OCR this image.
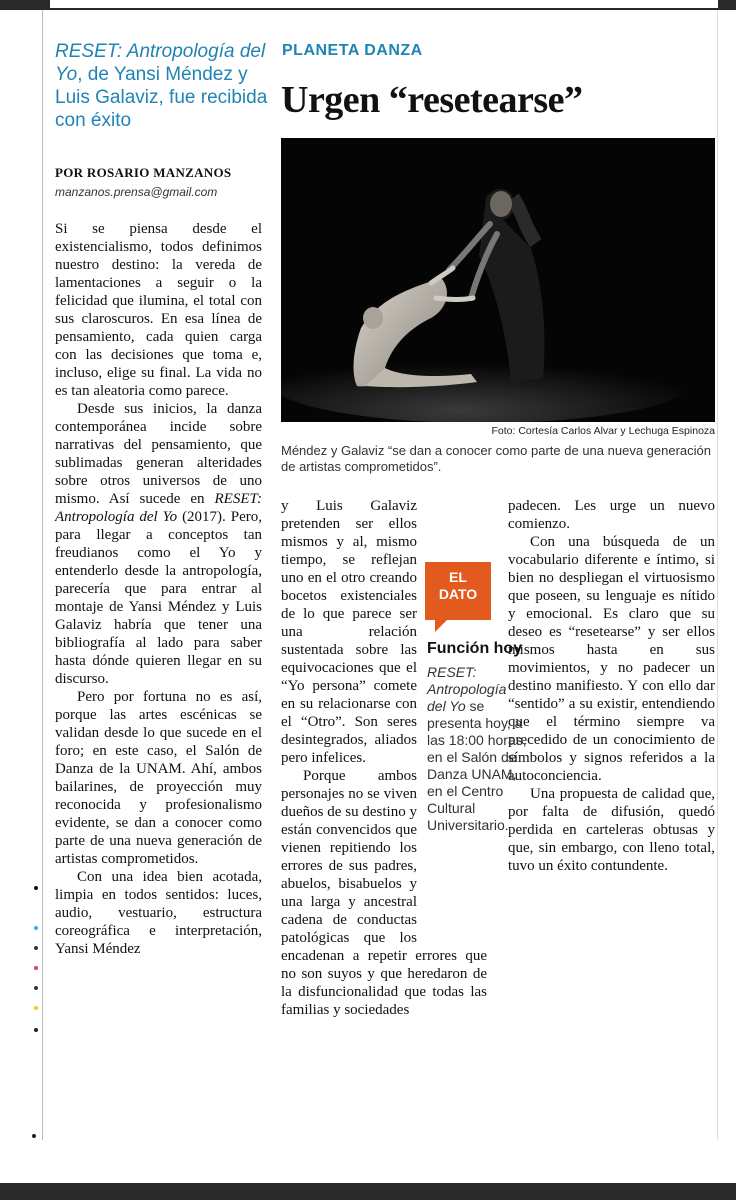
RESET: Antropología del Yo, de Yansi Méndez y Luis Galaviz, fue recibida con éxito
PLANETA DANZA
Urgen “resetearse”
POR ROSARIO MANZANOS
manzanos.prensa@gmail.com
Foto: Cortesía Carlos Alvar y Lechuga Espinoza
Méndez y Galaviz “se dan a conocer como parte de una nueva generación de artistas comprometidos”.

Si se piensa desde el existencialismo, todos definimos nuestro destino: la vereda de lamentaciones a seguir o la felicidad que ilumina, el total con sus claroscuros. En esa línea de pensamiento, cada quien carga con las decisiones que toma e, incluso, elige su final. La vida no es tan aleatoria como parece.

Desde sus inicios, la danza contemporánea incide sobre narrativas del pensamiento, que sublimadas generan alteridades sobre otros universos de uno mismo. Así sucede en RESET: Antropología del Yo (2017). Pero, para llegar a conceptos tan freudianos como el Yo y entenderlo desde la antropología, parecería que para entrar al montaje de Yansi Méndez y Luis Galaviz habría que tener una bibliografía al lado para saber hasta dónde quieren llegar en su discurso.

Pero por fortuna no es así, porque las artes escénicas se validan desde lo que sucede en el foro; en este caso, el Salón de Danza de la UNAM. Ahí, ambos bailarines, de proyección muy reconocida y profesionalismo evidente, se dan a conocer como parte de una nueva generación de artistas comprometidos.

Con una idea bien acotada, limpia en todos sentidos: luces, audio, vestuario, estructura coreográfica e interpretación, Yansi Méndez

y Luis Galaviz pretenden ser ellos mismos y al, mismo tiempo, se reflejan uno en el otro creando bocetos existenciales de lo que parece ser una relación sustentada sobre las equivocaciones que el “Yo persona” comete en su relacionarse con el “Otro”. Son seres desintegrados, aliados pero infelices.

Porque ambos personajes no se viven dueños de su destino y están convencidos que vienen repitiendo los errores de sus padres, abuelos, bisabuelos y una larga y ancestral cadena de conductas patológicas que los encadenan a repetir errores que no son suyos y que heredaron de la disfuncionalidad que todas las familias y sociedades

padecen. Les urge un nuevo comienzo.

Con una búsqueda de un vocabulario diferente e íntimo, si bien no despliegan el virtuosismo que poseen, su lenguaje es nítido y emocional. Es claro que su deseo es “resetearse” y ser ellos mismos hasta en sus movimientos, y no padecer un destino manifiesto. Y con ello dar “sentido” a su existir, entendiendo que el término siempre va precedido de un conocimiento de símbolos y signos referidos a la autoconciencia.

Una propuesta de calidad que, por falta de difusión, quedó perdida en carteleras obtusas y que, sin embargo, con lleno total, tuvo un éxito contundente.

EL
DATO
Función hoy
RESET: Antropología del Yo se presenta hoy, a las 18:00 horas, en el Salón de Danza UNAM, en el Centro Cultural Universitario.
